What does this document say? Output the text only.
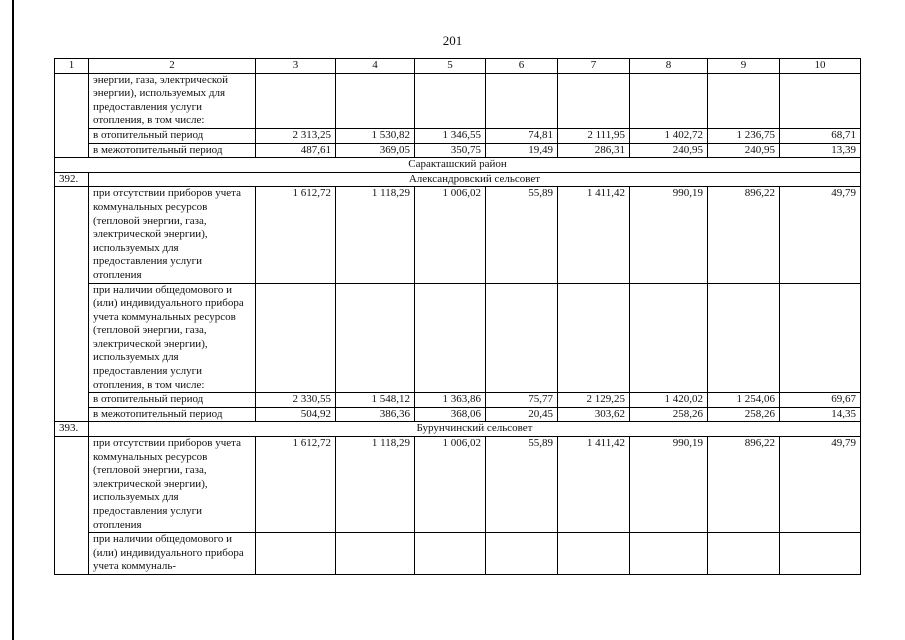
201
1	2	3	4	5	6	7	8	9	10
	энергии, газа, электрической энергии), используемых для предоставления услуги отопления, в том числе:								
	в отопительный период	2 313,25	1 530,82	1 346,55	74,81	2 111,95	1 402,72	1 236,75	68,71
	в межотопительный период	487,61	369,05	350,75	19,49	286,31	240,95	240,95	13,39
Саракташский район									
392.	Александровский сельсовет								
	при отсутствии приборов учета коммунальных ресурсов (тепловой энергии, газа, электрической энергии), используемых для предоставления услуги отопления	1 612,72	1 118,29	1 006,02	55,89	1 411,42	990,19	896,22	49,79
	при наличии общедомового и (или) индивидуального прибора учета коммунальных ресурсов (тепловой энергии, газа, электрической энергии), используемых для предоставления услуги отопления, в том числе:								
	в отопительный период	2 330,55	1 548,12	1 363,86	75,77	2 129,25	1 420,02	1 254,06	69,67
	в межотопительный период	504,92	386,36	368,06	20,45	303,62	258,26	258,26	14,35
393.	Бурунчинский сельсовет								
	при отсутствии приборов учета коммунальных ресурсов (тепловой энергии, газа, электрической энергии), используемых для предоставления услуги отопления	1 612,72	1 118,29	1 006,02	55,89	1 411,42	990,19	896,22	49,79
	при наличии общедомового и (или) индивидуального прибора учета коммуналь-								
